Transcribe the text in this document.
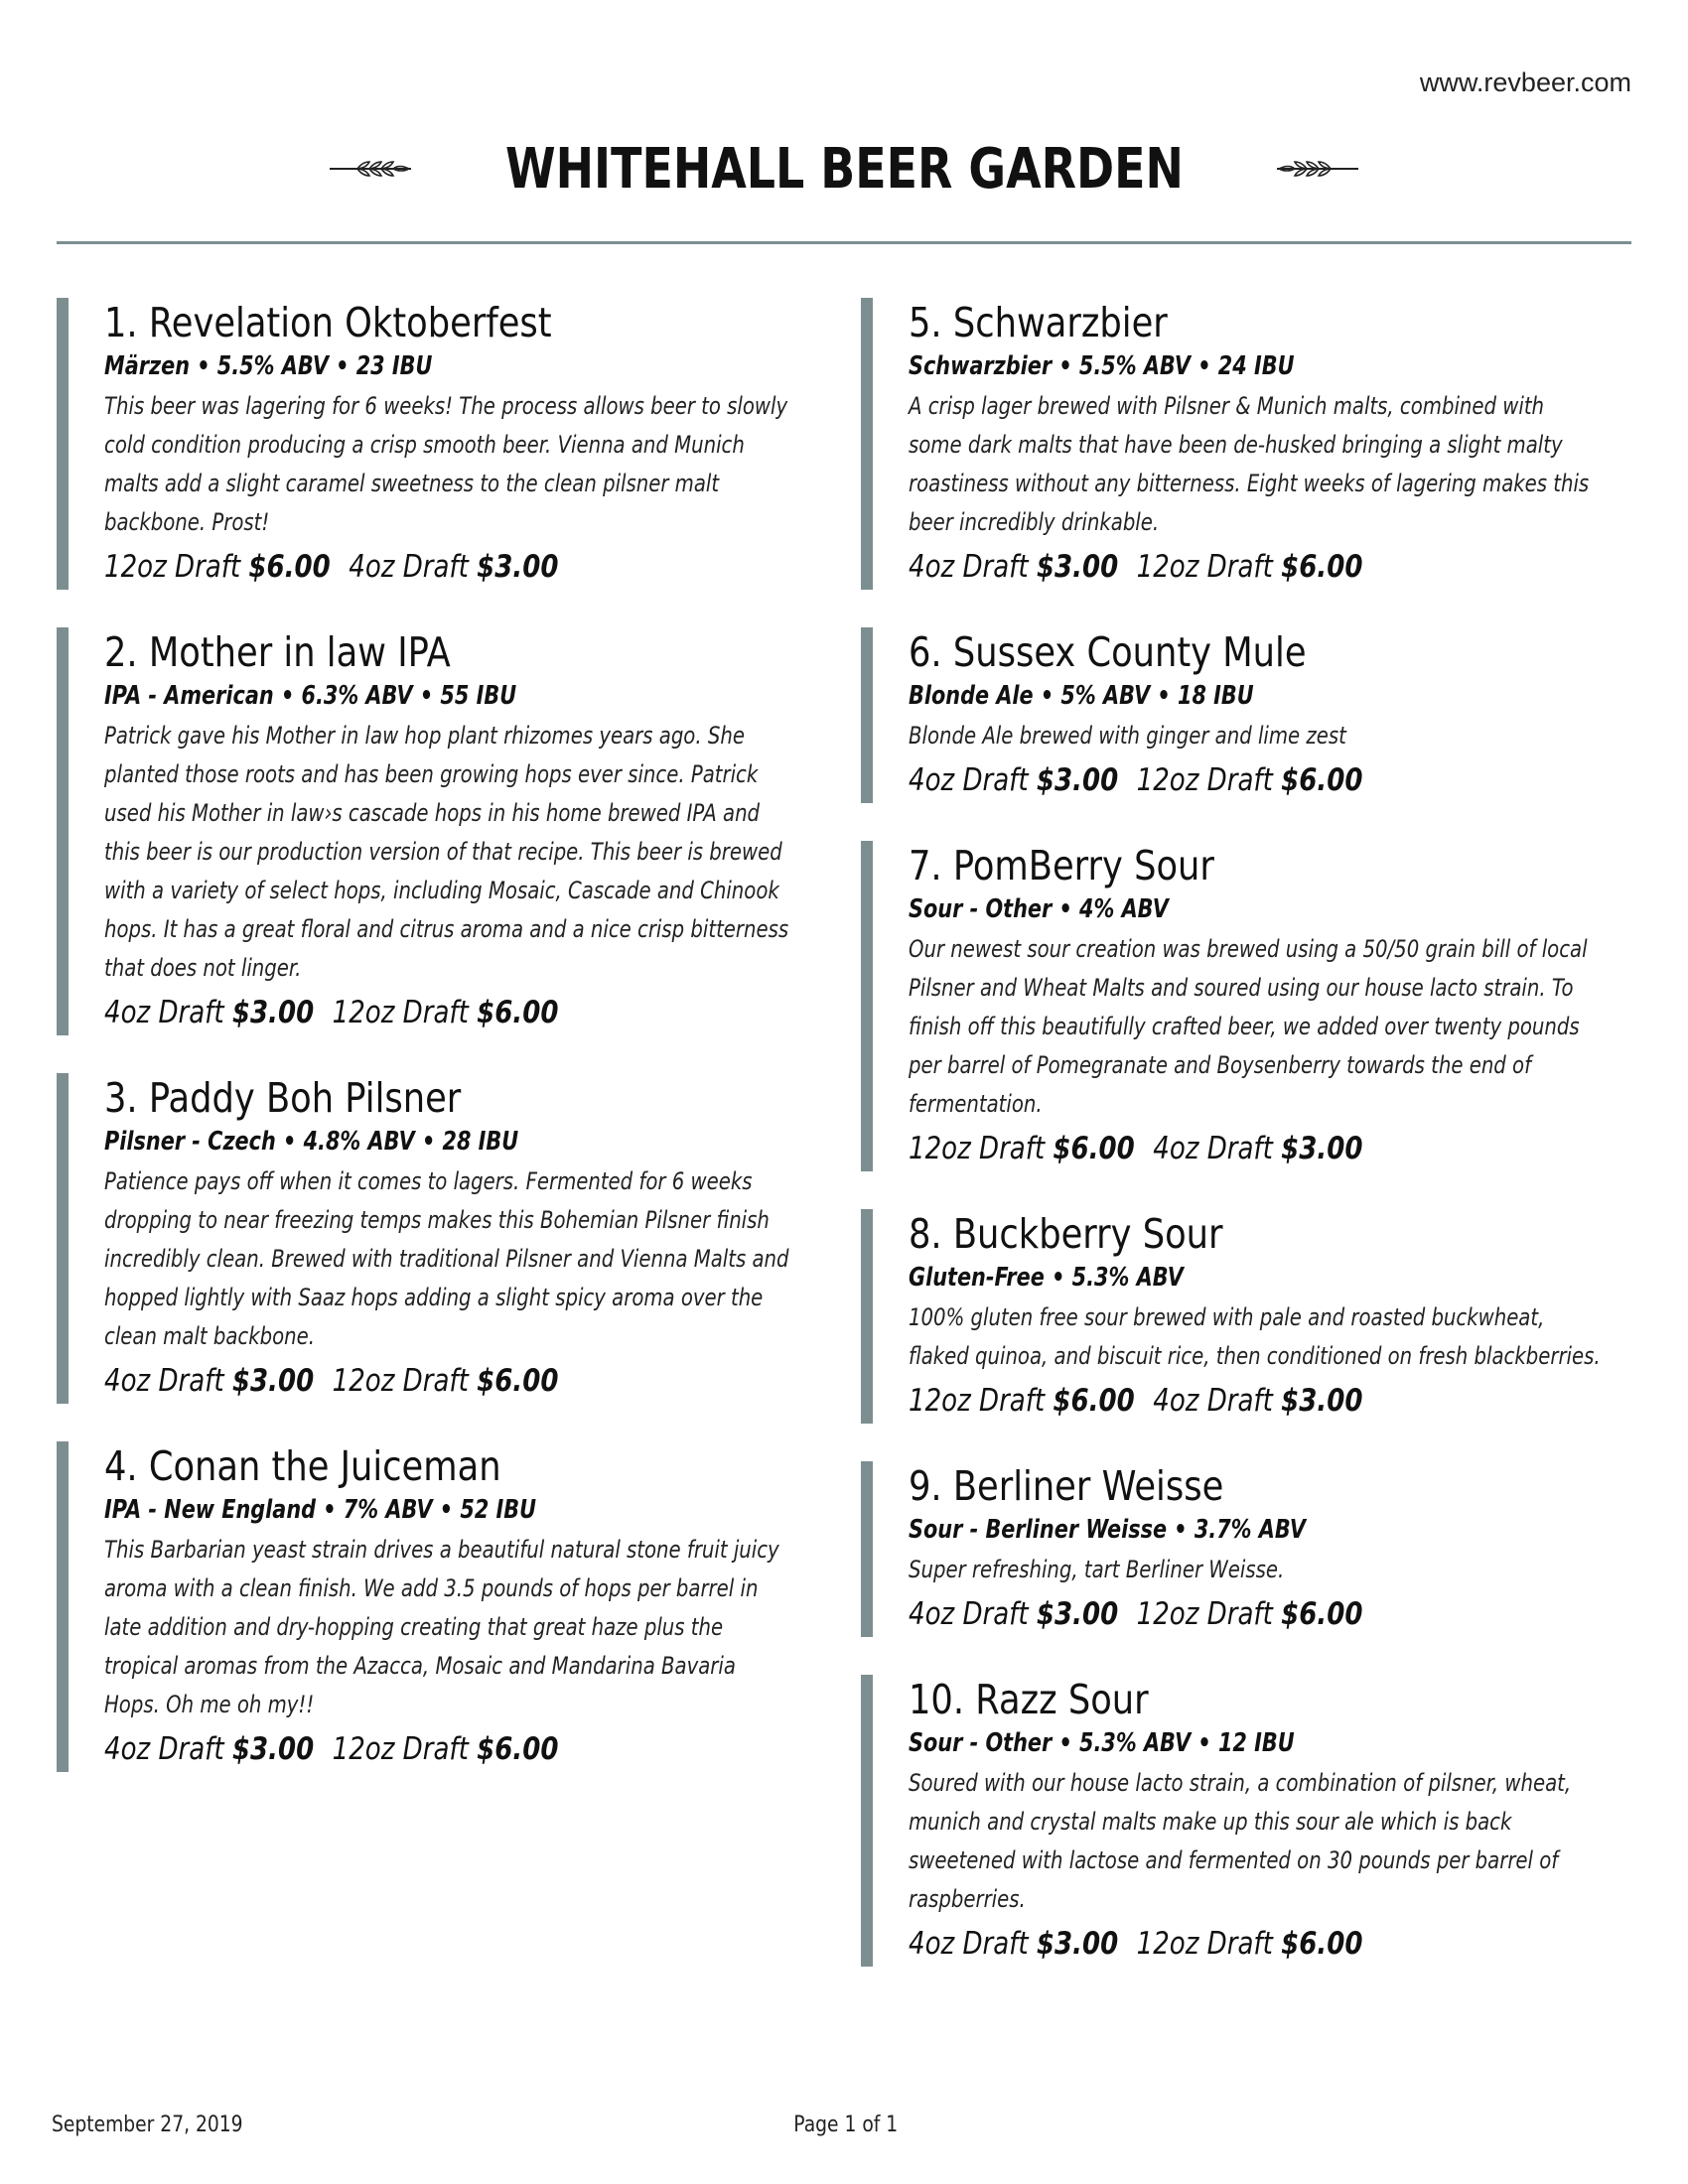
www.revbeer.com
WHITEHALL BEER GARDEN
1. Revelation Oktoberfest
Märzen • 5.5% ABV • 23 IBU
This beer was lagering for 6 weeks! The process allows beer to slowly cold condition producing a crisp smooth beer. Vienna and Munich malts add a slight caramel sweetness to the clean pilsner malt backbone. Prost!
12oz Draft $6.00 4oz Draft $3.00
2. Mother in law IPA
IPA - American • 6.3% ABV • 55 IBU
Patrick gave his Mother in law hop plant rhizomes years ago. She planted those roots and has been growing hops ever since. Patrick used his Mother in law›s cascade hops in his home brewed IPA and this beer is our production version of that recipe. This beer is brewed with a variety of select hops, including Mosaic, Cascade and Chinook hops. It has a great floral and citrus aroma and a nice crisp bitterness that does not linger.
4oz Draft $3.00 12oz Draft $6.00
3. Paddy Boh Pilsner
Pilsner - Czech • 4.8% ABV • 28 IBU
Patience pays off when it comes to lagers. Fermented for 6 weeks dropping to near freezing temps makes this Bohemian Pilsner finish incredibly clean. Brewed with traditional Pilsner and Vienna Malts and hopped lightly with Saaz hops adding a slight spicy aroma over the clean malt backbone.
4oz Draft $3.00 12oz Draft $6.00
4. Conan the Juiceman
IPA - New England • 7% ABV • 52 IBU
This Barbarian yeast strain drives a beautiful natural stone fruit juicy aroma with a clean finish. We add 3.5 pounds of hops per barrel in late addition and dry-hopping creating that great haze plus the tropical aromas from the Azacca, Mosaic and Mandarina Bavaria Hops. Oh me oh my!!
4oz Draft $3.00 12oz Draft $6.00
5. Schwarzbier
Schwarzbier • 5.5% ABV • 24 IBU
A crisp lager brewed with Pilsner & Munich malts, combined with some dark malts that have been de-husked bringing a slight malty roastiness without any bitterness. Eight weeks of lagering makes this beer incredibly drinkable.
4oz Draft $3.00 12oz Draft $6.00
6. Sussex County Mule
Blonde Ale • 5% ABV • 18 IBU
Blonde Ale brewed with ginger and lime zest
4oz Draft $3.00 12oz Draft $6.00
7. PomBerry Sour
Sour - Other • 4% ABV
Our newest sour creation was brewed using a 50/50 grain bill of local Pilsner and Wheat Malts and soured using our house lacto strain. To finish off this beautifully crafted beer, we added over twenty pounds per barrel of Pomegranate and Boysenberry towards the end of fermentation.
12oz Draft $6.00 4oz Draft $3.00
8. Buckberry Sour
Gluten-Free • 5.3% ABV
100% gluten free sour brewed with pale and roasted buckwheat, flaked quinoa, and biscuit rice, then conditioned on fresh blackberries.
12oz Draft $6.00 4oz Draft $3.00
9. Berliner Weisse
Sour - Berliner Weisse • 3.7% ABV
Super refreshing, tart Berliner Weisse.
4oz Draft $3.00 12oz Draft $6.00
10. Razz Sour
Sour - Other • 5.3% ABV • 12 IBU
Soured with our house lacto strain, a combination of pilsner, wheat, munich and crystal malts make up this sour ale which is back sweetened with lactose and fermented on 30 pounds per barrel of raspberries.
4oz Draft $3.00 12oz Draft $6.00
September 27, 2019	Page 1 of 1
